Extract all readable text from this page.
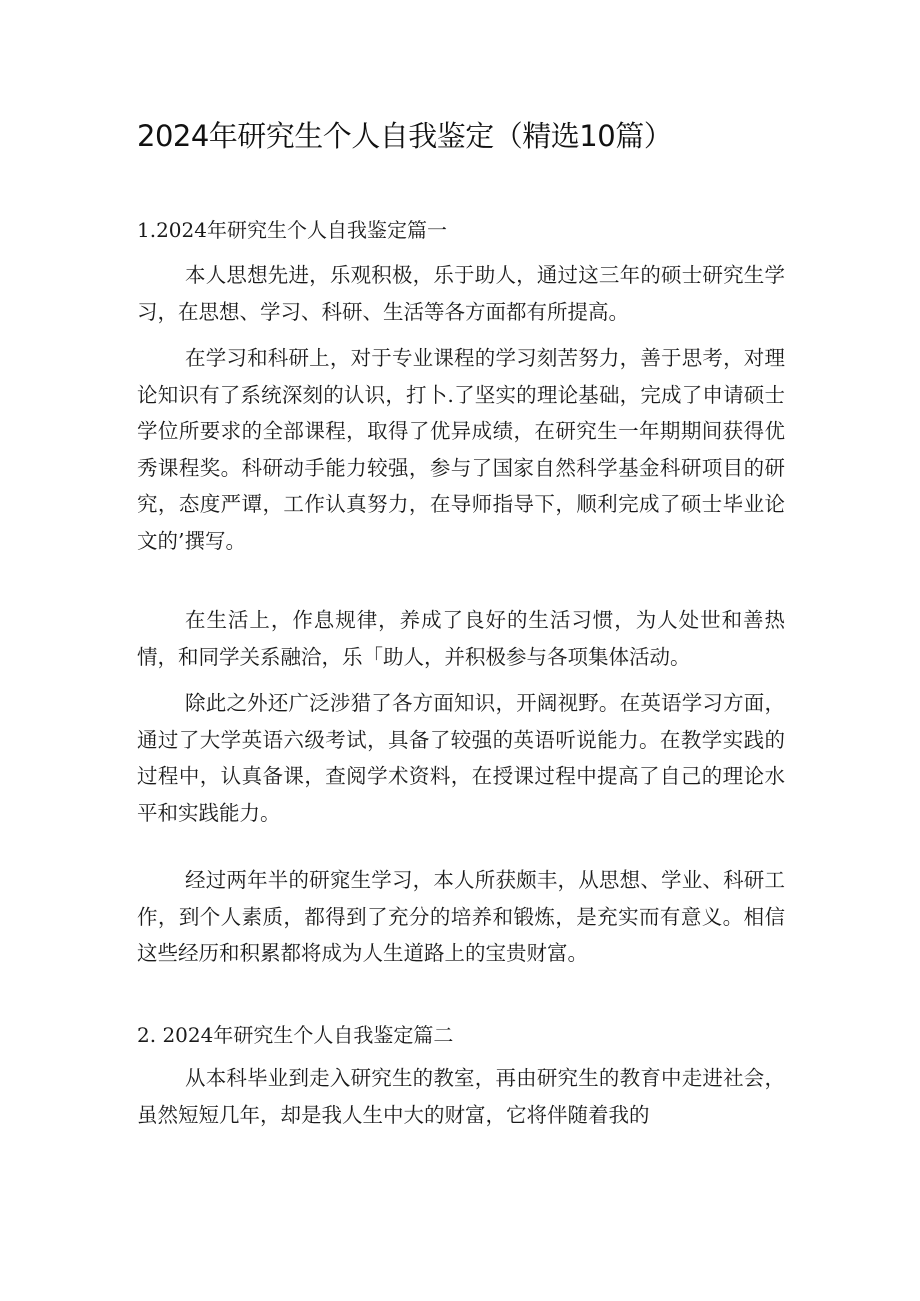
2024年研究生个人自我鉴定（精选10篇）
1.2024年研究生个人自我鉴定篇一

本人思想先进，乐观积极，乐于助人，通过这三年的硕士研究生学习，在思想、学习、科研、生活等各方面都有所提高。

在学习和科研上，对于专业课程的学习刻苦努力，善于思考，对理论知识有了系统深刻的认识，打卜.了坚实的理论基础，完成了申请硕士学位所要求的全部课程，取得了优异成绩，在研究生一年期期间获得优秀课程奖。科研动手能力较强，参与了国家自然科学基金科研项目的研究，态度严谭，工作认真努力，在导师指导下，顺利完成了硕士毕业论文的’撰写。

在生活上，作息规律，养成了良好的生活习惯，为人处世和善热情，和同学关系融洽，乐「助人，并积极参与各项集体活动。

除此之外还广泛涉猎了各方面知识，开阔视野。在英语学习方面，通过了大学英语六级考试，具备了较强的英语听说能力。在教学实践的过程中，认真备课，查阅学术资料，在授课过程中提高了自己的理论水平和实践能力。

经过两年半的研窕生学习，本人所获颇丰，从思想、学业、科研工作，到个人素质，都得到了充分的培养和锻炼，是充实而有意义。相信这些经历和积累都将成为人生道路上的宝贵财富。

2. 2024年研究生个人自我鉴定篇二

从本科毕业到走入研究生的教室，再由研究生的教育中走进社会，虽然短短几年，却是我人生中大的财富，它将伴随着我的
